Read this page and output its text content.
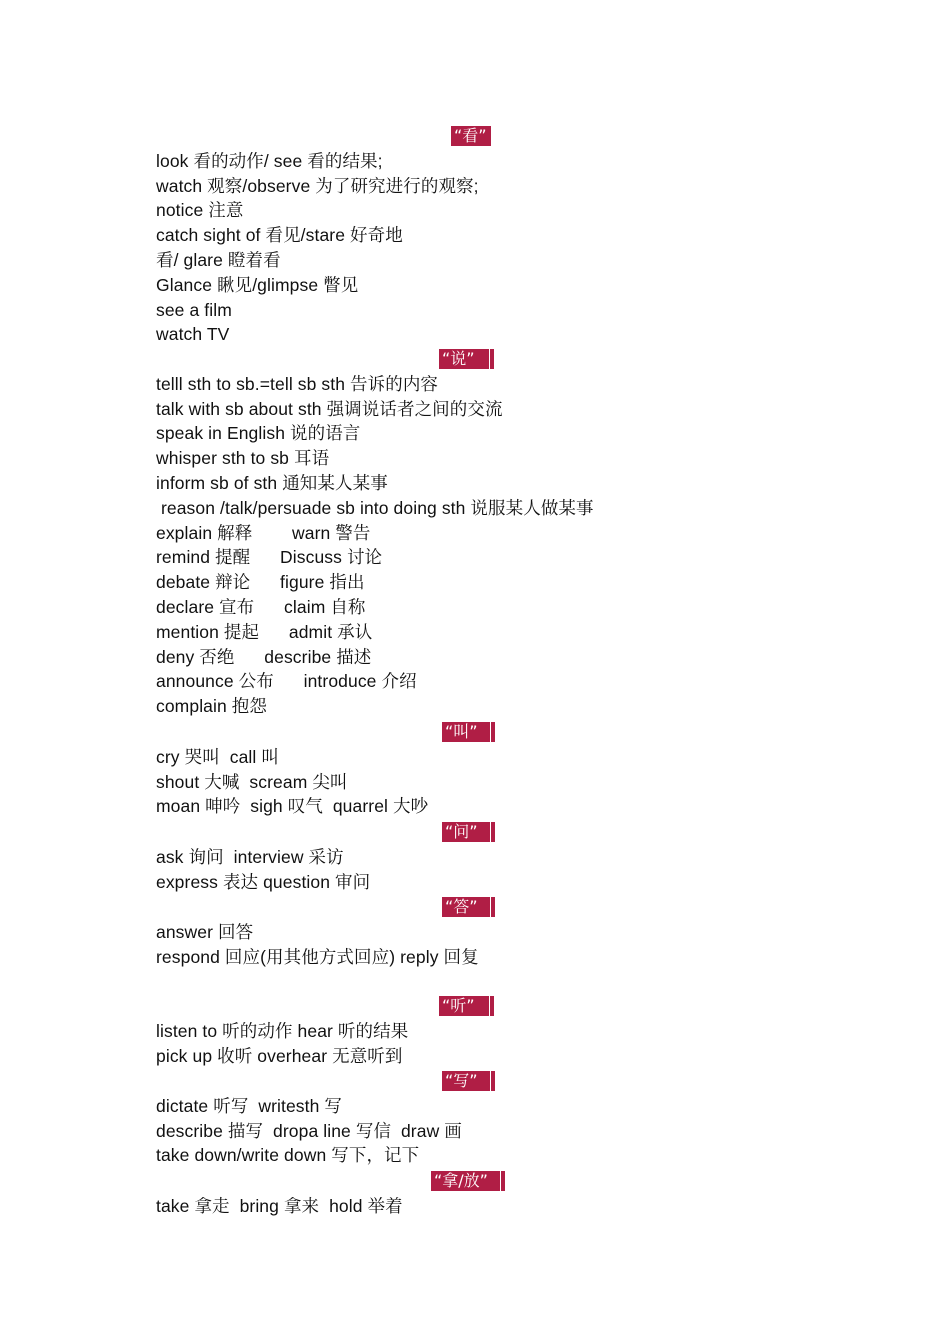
“看”
look 看的动作/ see 看的结果;
watch 观察/observe 为了研究进行的观察;
notice 注意
catch sight of 看见/stare 好奇地
看/ glare 瞪着看
Glance 瞅见/glimpse 瞥见
see a film
watch TV
“说”
telll sth to sb.=tell sb sth 告诉的内容
talk with sb about sth 强调说话者之间的交流
speak in English 说的语言
whisper sth to sb 耳语
inform sb of sth 通知某人某事
reason /talk/persuade sb into doing sth 说服某人做某事
explain 解释        warn 警告
remind 提醒      Discuss 讨论
debate 辩论      figure 指出
declare 宣布      claim 自称
mention 提起      admit 承认
deny 否绝      describe 描述
announce 公布      introduce 介绍
complain 抱怨
“叫”
cry 哭叫  call 叫
shout 大喊  scream 尖叫
moan 呻吟  sigh 叹气  quarrel 大吵
“问”
ask 询问  interview 采访
express 表达 question 审问
“答”
answer 回答
respond 回应(用其他方式回应) reply 回复
“听”
listen to 听的动作 hear 听的结果
pick up 收听 overhear 无意听到
“写”
dictate 听写  writesth 写
describe 描写  dropa line 写信  draw 画
take down/write down 写下，记下
“拿/放”
take 拿走  bring 拿来  hold 举着
